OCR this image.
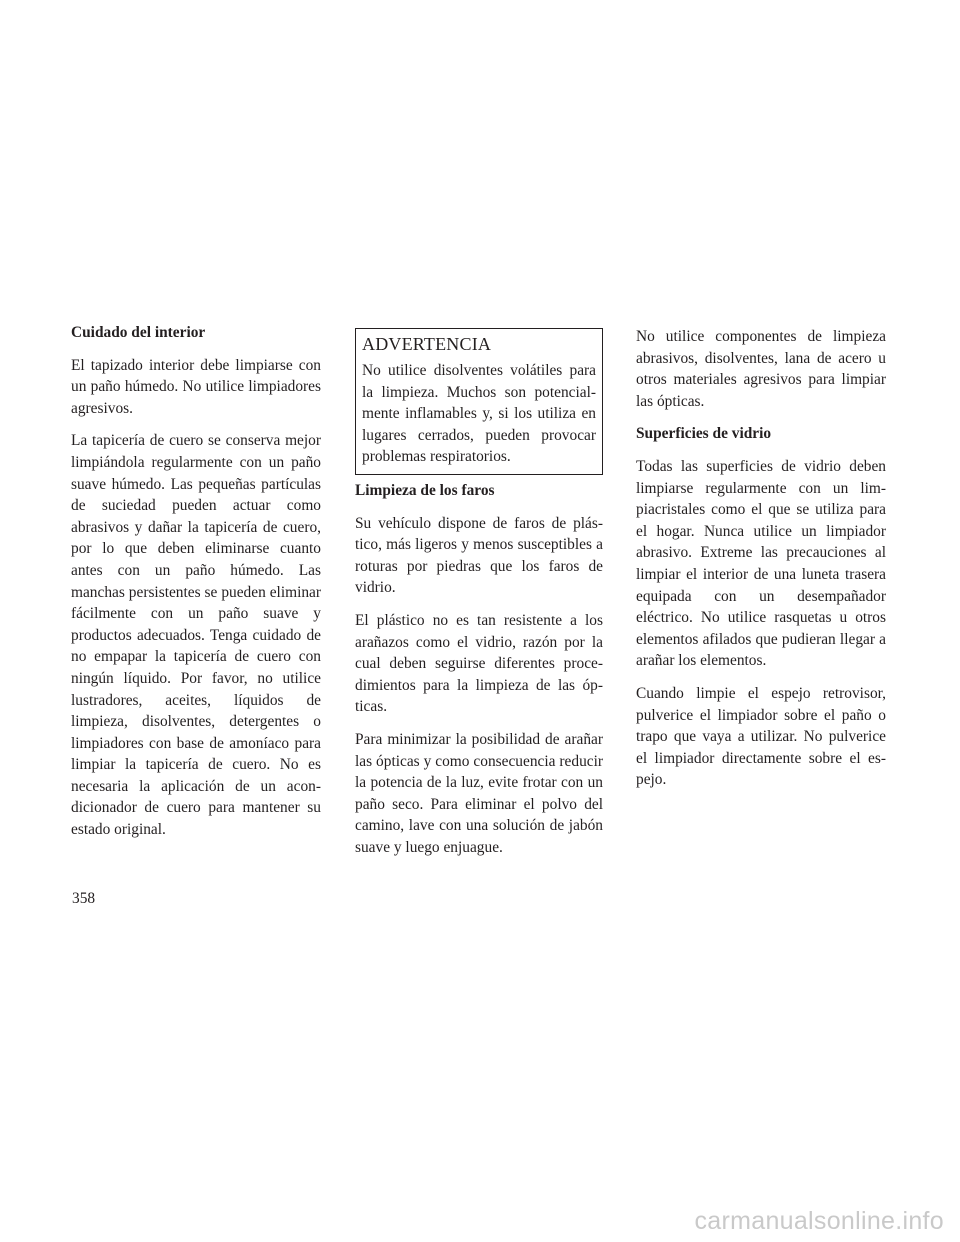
Cuidado del interior

El tapizado interior debe limpiarse con un paño húmedo. No utilice limpiadores agresivos.

La tapicería de cuero se conserva mejor limpiándola regularmente con un paño suave húmedo. Las pequeñas partículas de suciedad pueden actuar como abrasivos y dañar la tapicería de cuero, por lo que deben eliminarse cuanto antes con un paño húmedo. Las manchas persistentes se pueden eliminar fácilmente con un paño suave y productos adecuados. Tenga cuidado de no empapar la tapicería de cuero con ningún líquido. Por favor, no utilice lustradores, aceites, líquidos de limpieza, disolventes, detergentes o limpiadores con base de amoníaco para limpiar la tapicería de cuero. No es necesaria la aplicación de un acondicionador de cuero para mantener su estado original.

ADVERTENCIA

No utilice disolventes volátiles para la limpieza. Muchos son potencialmente inflamables y, si los utiliza en lugares cerrados, pueden provocar problemas respiratorios.

Limpieza de los faros

Su vehículo dispone de faros de plástico, más ligeros y menos susceptibles a roturas por piedras que los faros de vidrio.

El plástico no es tan resistente a los arañazos como el vidrio, razón por la cual deben seguirse diferentes procedimientos para la limpieza de las ópticas.

Para minimizar la posibilidad de arañar las ópticas y como consecuencia reducir la potencia de la luz, evite frotar con un paño seco. Para eliminar el polvo del camino, lave con una solución de jabón suave y luego enjuague.

No utilice componentes de limpieza abrasivos, disolventes, lana de acero u otros materiales agresivos para limpiar las ópticas.

Superficies de vidrio

Todas las superficies de vidrio deben limpiarse regularmente con un limpiacristales como el que se utiliza para el hogar. Nunca utilice un limpiador abrasivo. Extreme las precauciones al limpiar el interior de una luneta trasera equipada con un desempañador eléctrico. No utilice rasquetas u otros elementos afilados que pudieran llegar a arañar los elementos.

Cuando limpie el espejo retrovisor, pulverice el limpiador sobre el paño o trapo que vaya a utilizar. No pulverice el limpiador directamente sobre el espejo.

358
carmanualsonline.info
